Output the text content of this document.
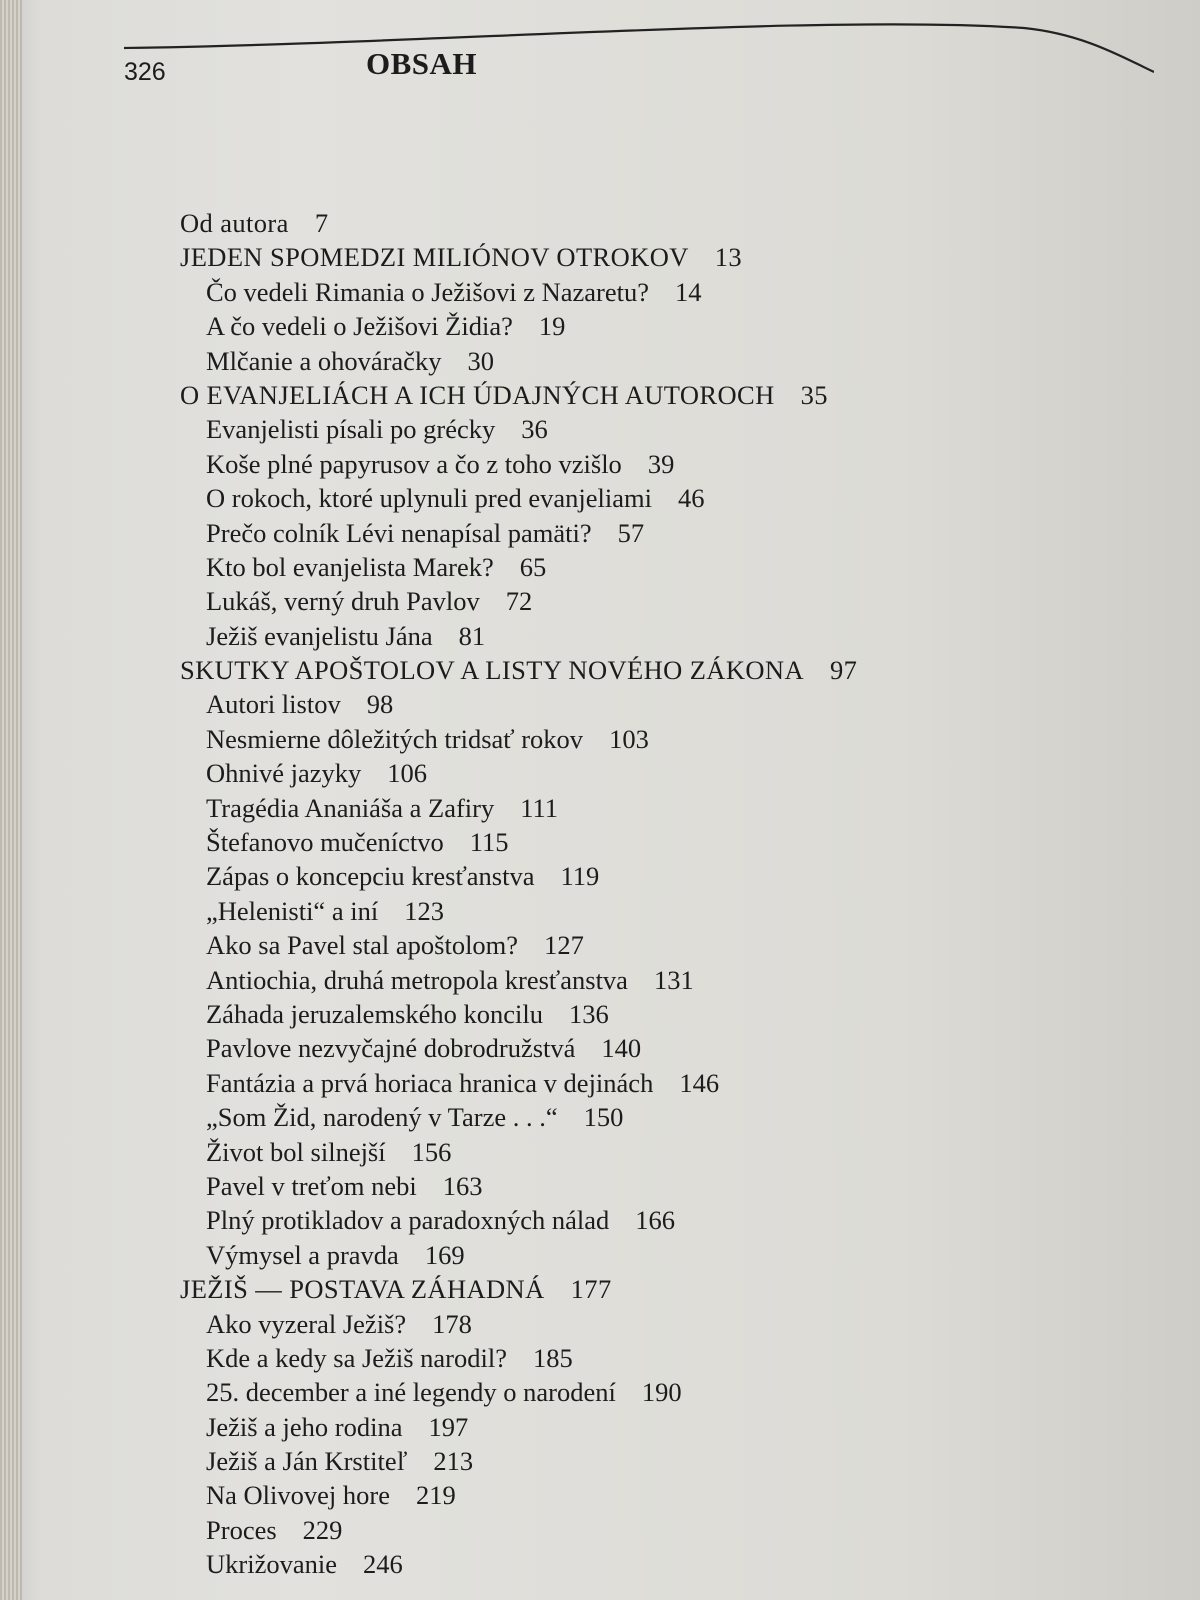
326	OBSAH
Od autora 7
JEDEN SPOMEDZI MILIÓNOV OTROKOV 13
Čo vedeli Rimania o Ježišovi z Nazaretu? 14
A čo vedeli o Ježišovi Židia? 19
Mlčanie a ohováračky 30
O EVANJELIÁCH A ICH ÚDAJNÝCH AUTOROCH 35
Evanjelisti písali po grécky 36
Koše plné papyrusov a čo z toho vzišlo 39
O rokoch, ktoré uplynuli pred evanjeliami 46
Prečo colník Lévi nenapísal pamäti? 57
Kto bol evanjelista Marek? 65
Lukáš, verný druh Pavlov 72
Ježiš evanjelistu Jána 81
SKUTKY APOŠTOLOV A LISTY NOVÉHO ZÁKONA 97
Autori listov 98
Nesmierne dôležitých tridsať rokov 103
Ohnivé jazyky 106
Tragédia Ananiáša a Zafiry 111
Štefanovo mučeníctvo 115
Zápas o koncepciu kresťanstva 119
„Helenisti“ a iní 123
Ako sa Pavel stal apoštolom? 127
Antiochia, druhá metropola kresťanstva 131
Záhada jeruzalemského koncilu 136
Pavlove nezvyčajné dobrodružstvá 140
Fantázia a prvá horiaca hranica v dejinách 146
„Som Žid, narodený v Tarze . . .“ 150
Život bol silnejší 156
Pavel v treťom nebi 163
Plný protikladov a paradoxných nálad 166
Výmysel a pravda 169
JEŽIŠ — POSTAVA ZÁHADNÁ 177
Ako vyzeral Ježiš? 178
Kde a kedy sa Ježiš narodil? 185
25. december a iné legendy o narodení 190
Ježiš a jeho rodina 197
Ježiš a Ján Krstiteľ 213
Na Olivovej hore 219
Proces 229
Ukrižovanie 246
